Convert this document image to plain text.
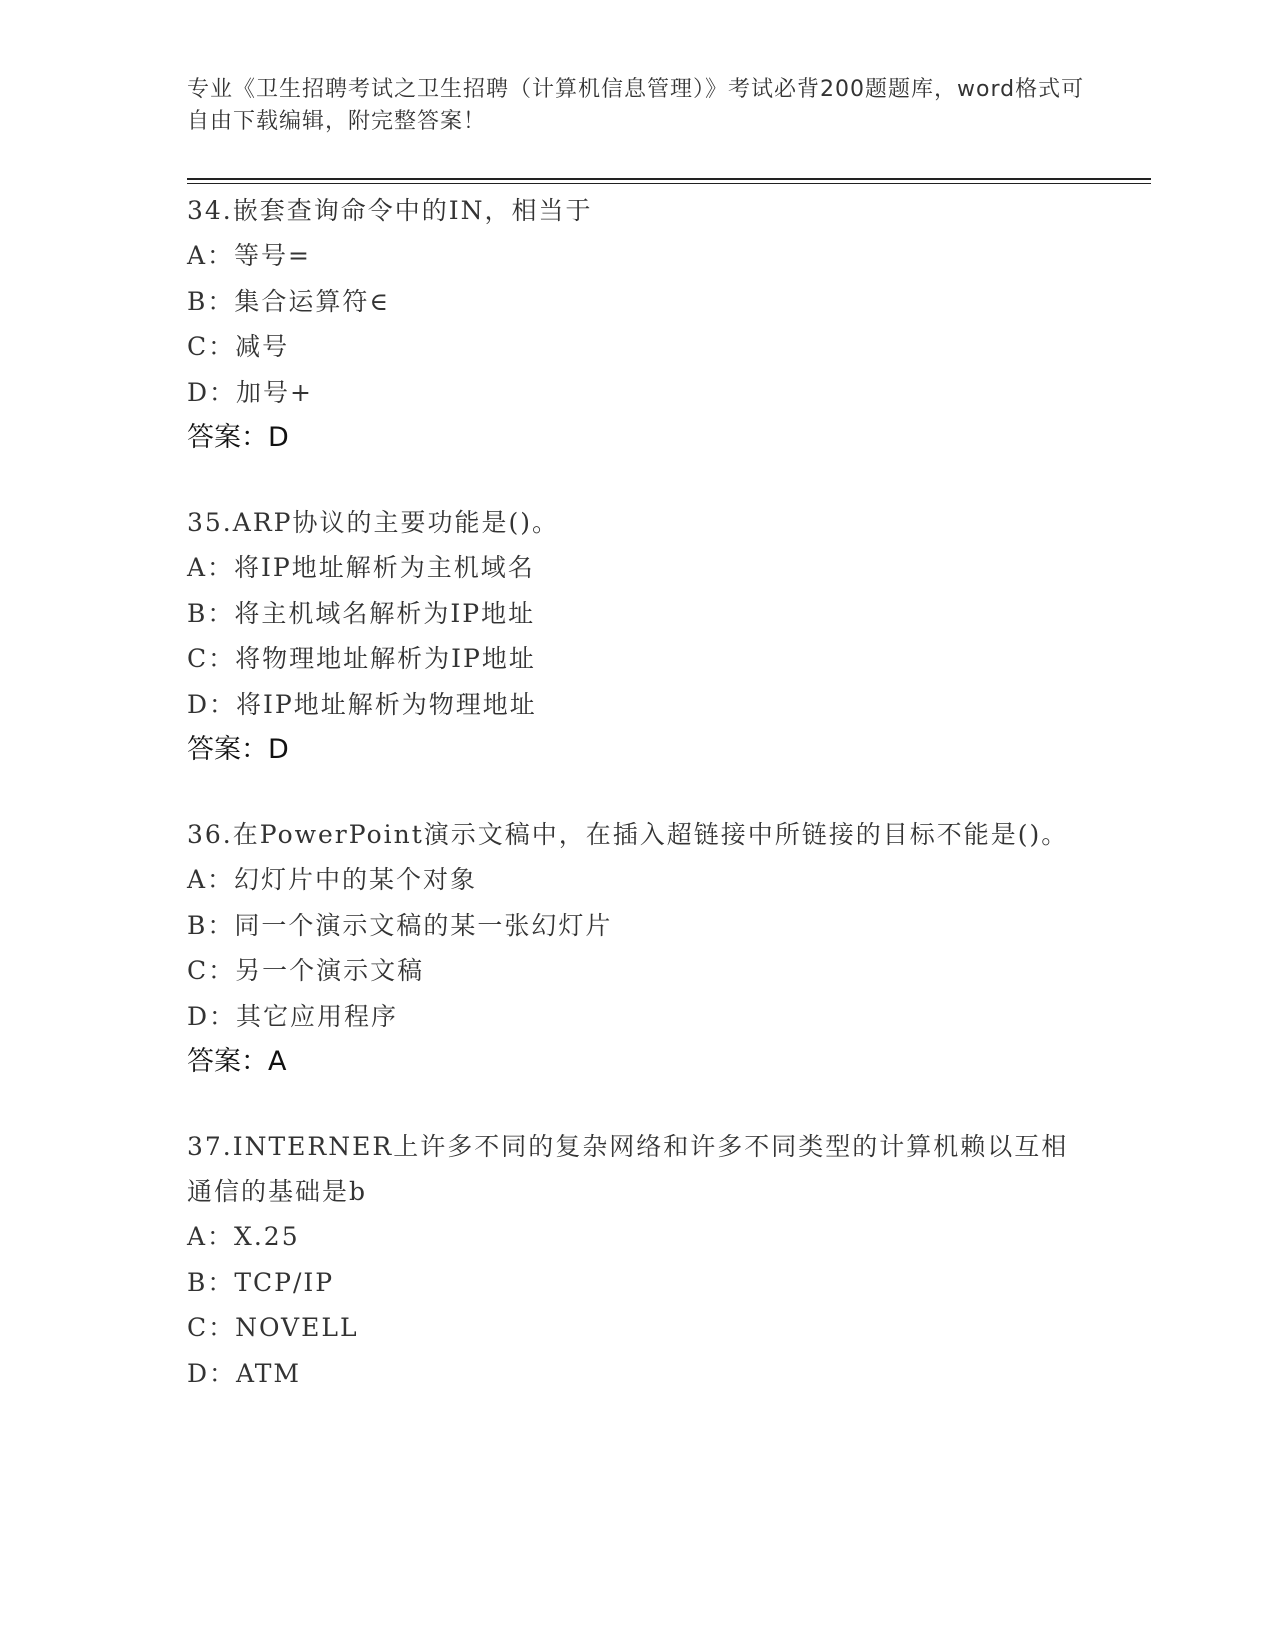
专业《卫生招聘考试之卫生招聘（计算机信息管理）》考试必背200题题库，word格式可自由下载编辑，附完整答案！
34.嵌套查询命令中的IN，相当于
A：等号=
B：集合运算符∈
C：减号
D：加号+
答案：D
35.ARP协议的主要功能是()。
A：将IP地址解析为主机域名
B：将主机域名解析为IP地址
C：将物理地址解析为IP地址
D：将IP地址解析为物理地址
答案：D
36.在PowerPoint演示文稿中，在插入超链接中所链接的目标不能是()。
A：幻灯片中的某个对象
B：同一个演示文稿的某一张幻灯片
C：另一个演示文稿
D：其它应用程序
答案：A
37.INTERNER上许多不同的复杂网络和许多不同类型的计算机赖以互相通信的基础是b
A：X.25
B：TCP/IP
C：NOVELL
D：ATM
